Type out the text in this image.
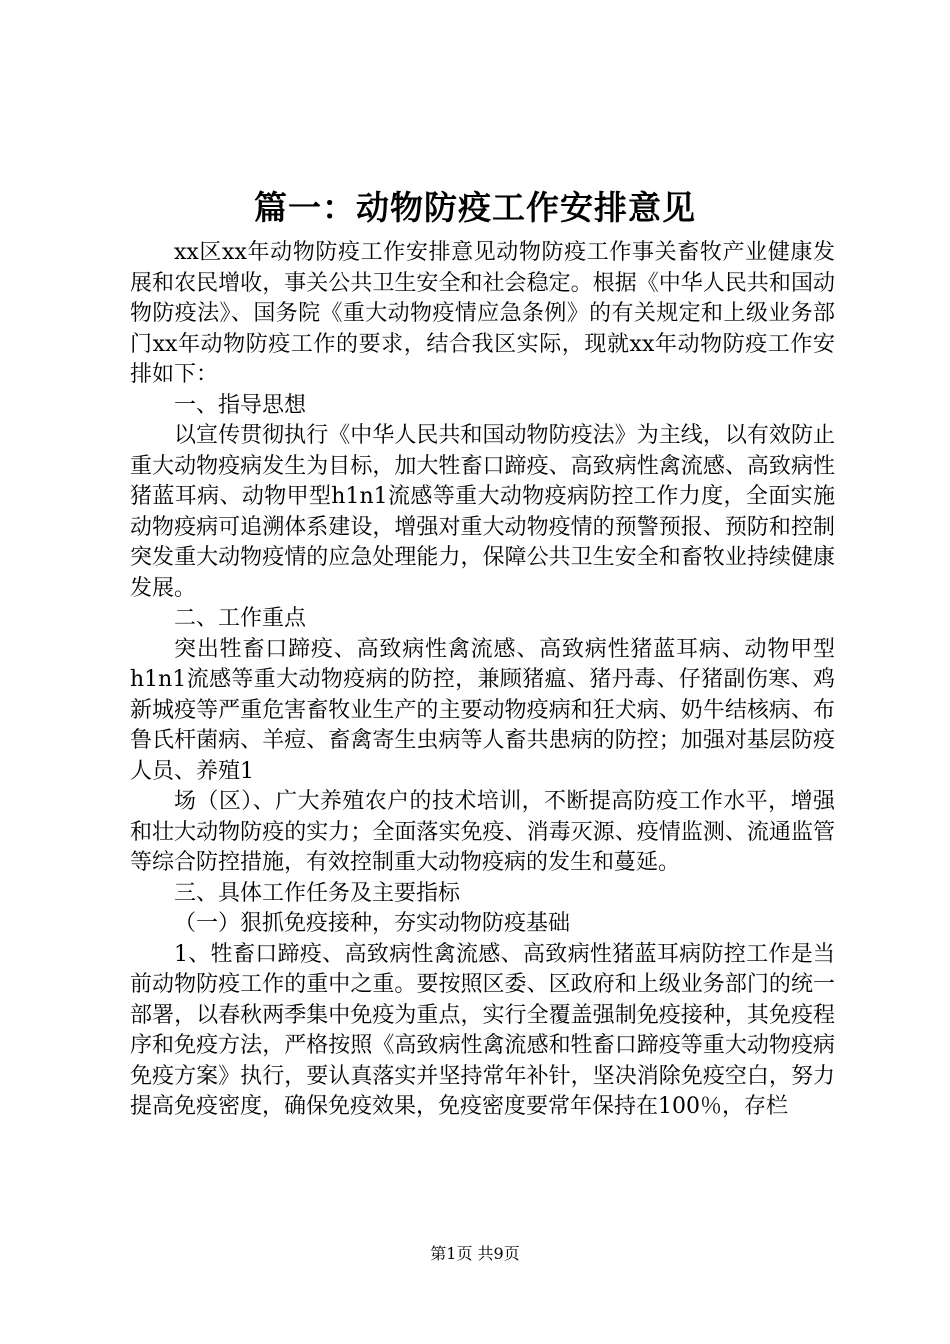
篇一：动物防疫工作安排意见

xx区xx年动物防疫工作安排意见动物防疫工作事关畜牧产业健康发展和农民增收，事关公共卫生安全和社会稳定。根据《中华人民共和国动物防疫法》、国务院《重大动物疫情应急条例》的有关规定和上级业务部门xx年动物防疫工作的要求，结合我区实际，现就xx年动物防疫工作安排如下：

一、指导思想

以宣传贯彻执行《中华人民共和国动物防疫法》为主线，以有效防止重大动物疫病发生为目标，加大牲畜口蹄疫、高致病性禽流感、高致病性猪蓝耳病、动物甲型h1n1流感等重大动物疫病防控工作力度，全面实施动物疫病可追溯体系建设，增强对重大动物疫情的预警预报、预防和控制突发重大动物疫情的应急处理能力，保障公共卫生安全和畜牧业持续健康发展。

二、工作重点

突出牲畜口蹄疫、高致病性禽流感、高致病性猪蓝耳病、动物甲型h1n1流感等重大动物疫病的防控，兼顾猪瘟、猪丹毒、仔猪副伤寒、鸡新城疫等严重危害畜牧业生产的主要动物疫病和狂犬病、奶牛结核病、布鲁氏杆菌病、羊痘、畜禽寄生虫病等人畜共患病的防控；加强对基层防疫人员、养殖1

场（区）、广大养殖农户的技术培训，不断提高防疫工作水平，增强和壮大动物防疫的实力；全面落实免疫、消毒灭源、疫情监测、流通监管等综合防控措施，有效控制重大动物疫病的发生和蔓延。

三、具体工作任务及主要指标

（一）狠抓免疫接种，夯实动物防疫基础

1、牲畜口蹄疫、高致病性禽流感、高致病性猪蓝耳病防控工作是当前动物防疫工作的重中之重。要按照区委、区政府和上级业务部门的统一部署，以春秋两季集中免疫为重点，实行全覆盖强制免疫接种，其免疫程序和免疫方法，严格按照《高致病性禽流感和牲畜口蹄疫等重大动物疫病免疫方案》执行，要认真落实并坚持常年补针，坚决消除免疫空白，努力提高免疫密度，确保免疫效果，免疫密度要常年保持在100％，存栏

第1页 共9页
